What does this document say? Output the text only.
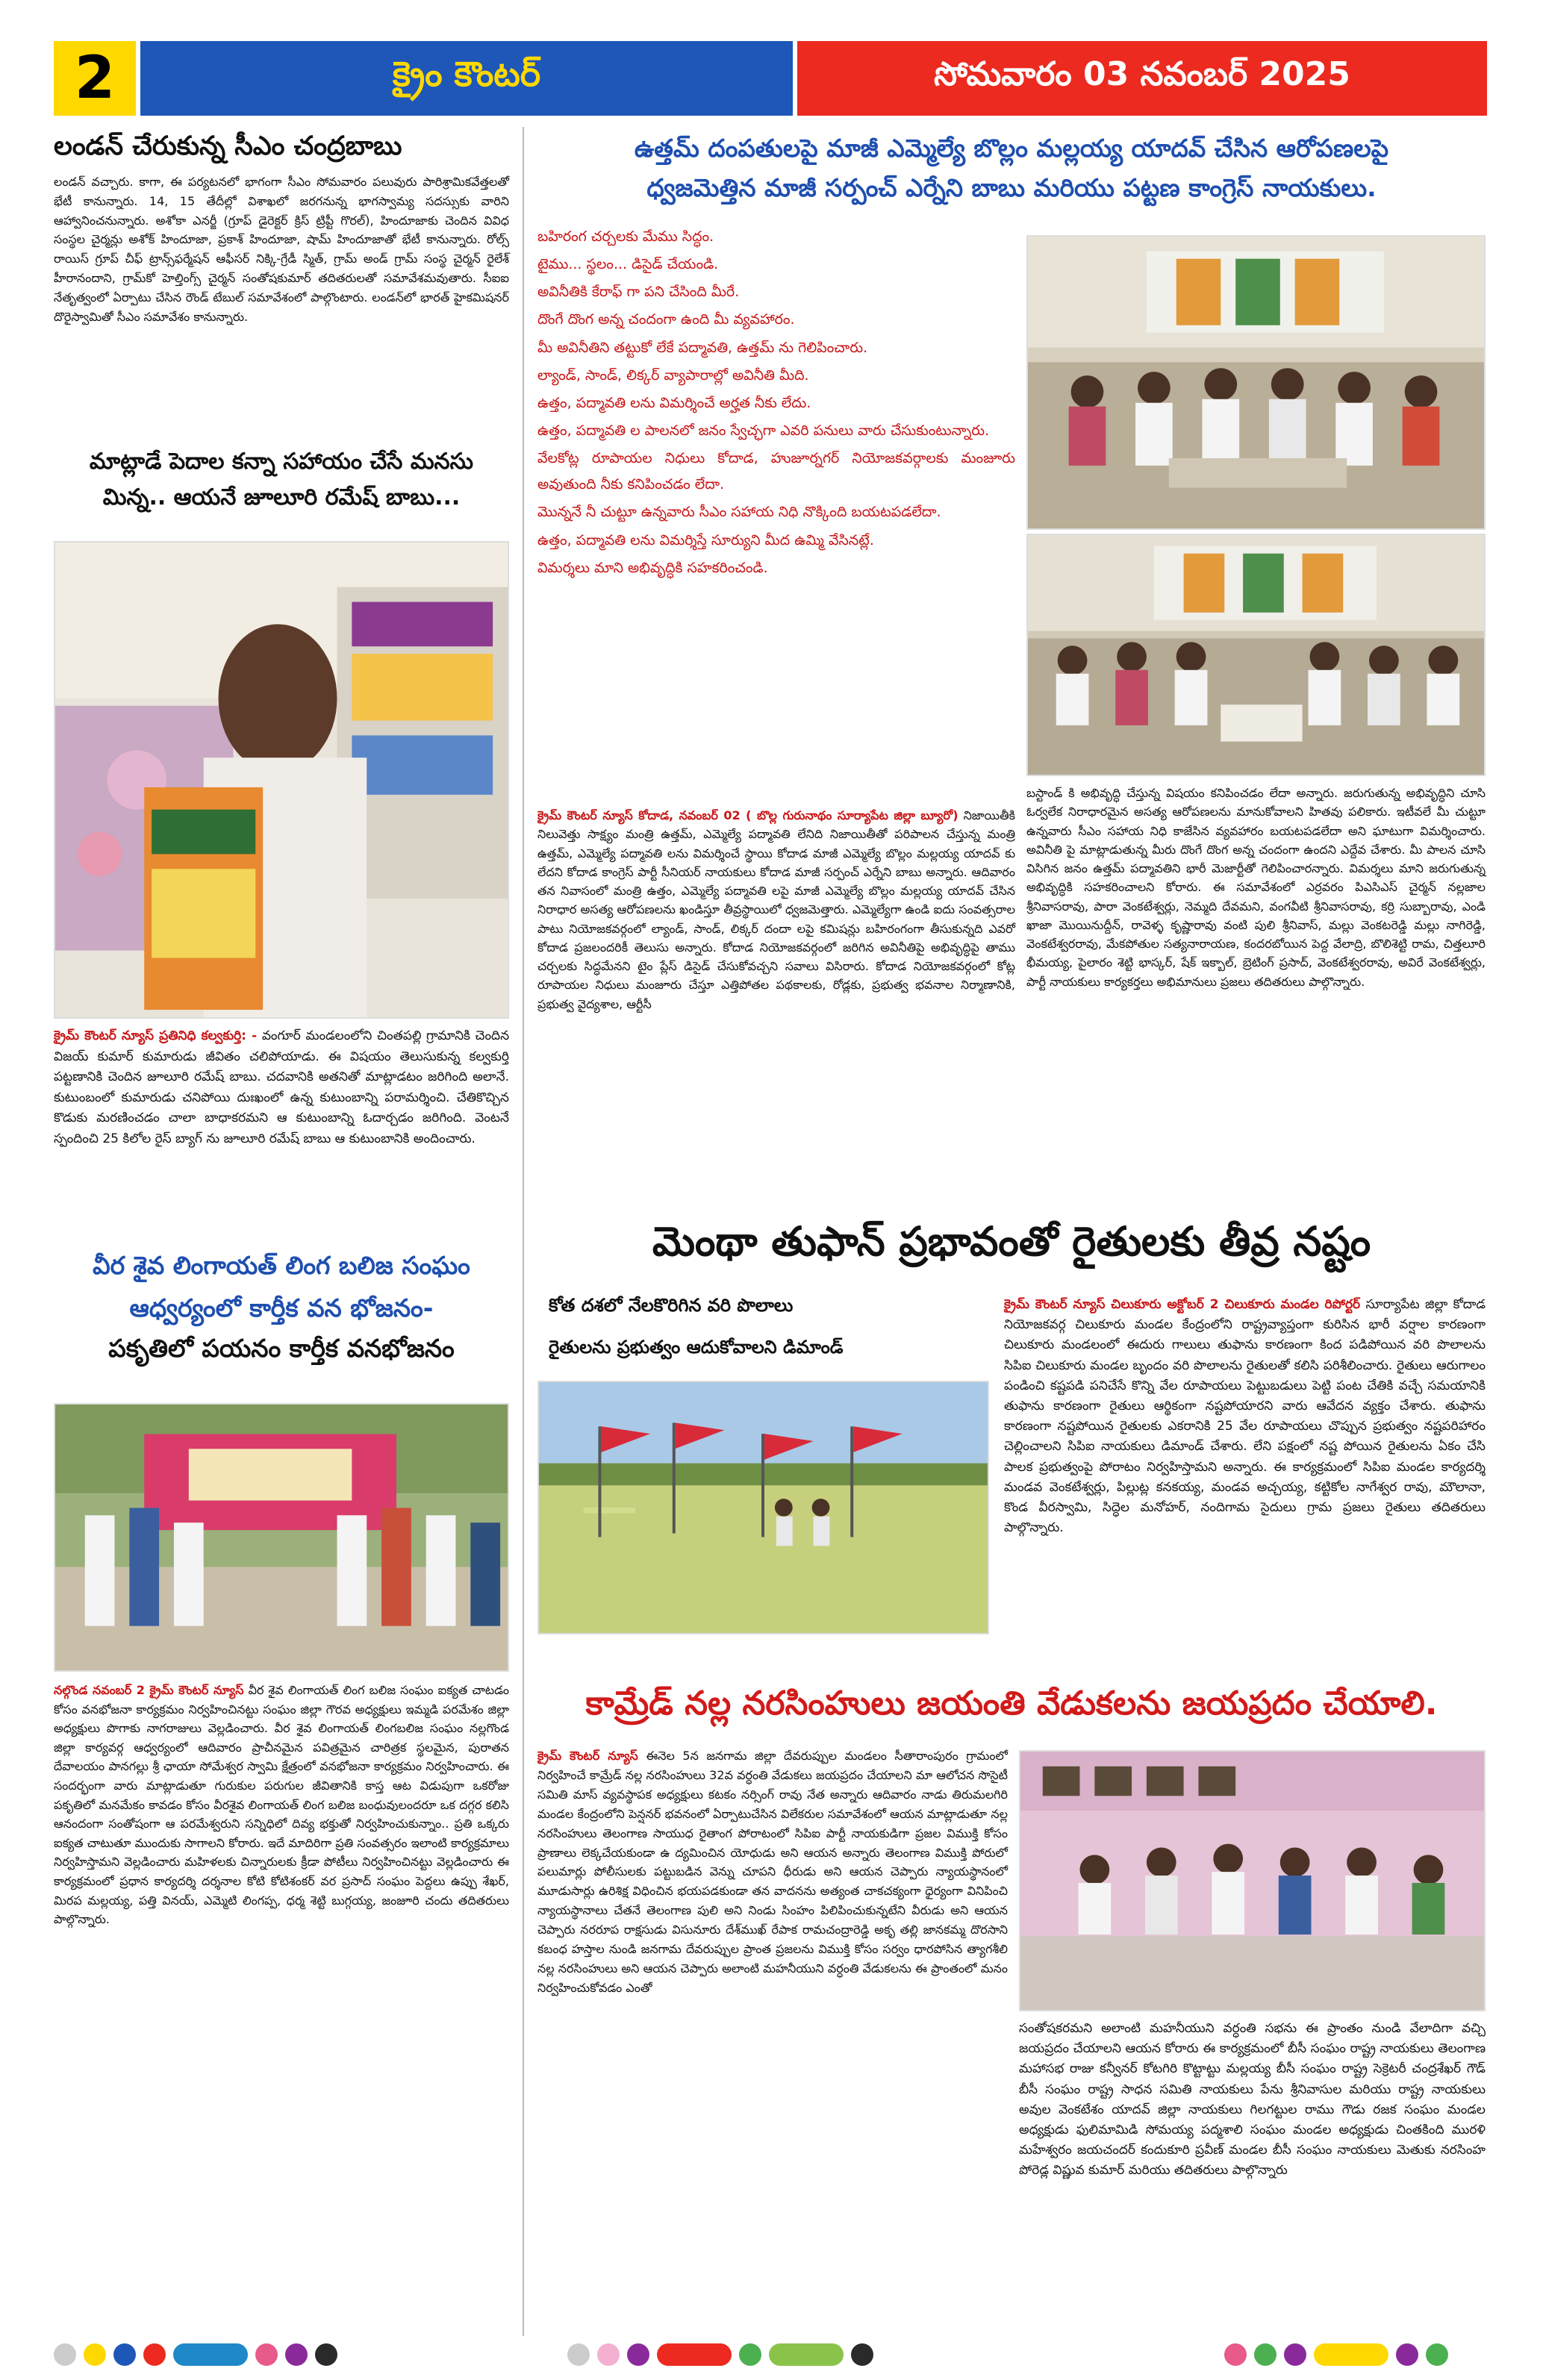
2	క్రైం కౌంటర్	సోమవారం 03 నవంబర్ 2025
లండన్ చేరుకున్న సీఎం చంద్రబాబు
లండన్ వచ్చారు. కాగా, ఈ పర్యటనలో భాగంగా సీఎం సోమవారం పలువురు పారిశ్రామికవేత్తలతో భేటీ కానున్నారు. 14, 15 తేదీల్లో విశాఖలో జరగనున్న భాగస్వామ్య సదస్సుకు వారిని ఆహ్వానించనున్నారు. అశోకా ఎనర్జీ (గ్రూప్ డైరెక్టర్ క్రిస్ ట్రిప్టీ గొరల్), హిందూజాకు చెందిన వివిధ సంస్థల చైర్మన్లు అశోక్ హిందూజా, ప్రకాశ్ హిందూజా, షామ్ హిందూజాతో భేటీ కానున్నారు. రోల్స్ రాయిస్ గ్రూప్ చీఫ్ ట్రాన్స్‌ఫర్మేషన్ ఆఫీసర్ నిక్కి-గ్రేడీ స్మిత్, గ్రామ్ అండ్ గ్రామ్ సంస్థ చైర్మన్ రైలేశ్ హీరానందాని, గ్రామ్‌కో హెల్తింగ్స్ చైర్మన్ సంతోషకుమార్ తదితరులతో సమావేశమవుతారు. సీఐఐ నేతృత్వంలో ఏర్పాటు చేసిన రౌండ్ టేబుల్ సమావేశంలో పాల్గొంటారు. లండన్‌లో భారత్ హైకమిషనర్ దొరైస్వామితో సీఎం సమావేశం కానున్నారు.
మాట్లాడే పెదాల కన్నా సహాయం చేసే మనసు
మిన్న.. ఆయనే జూలూరి రమేష్ బాబు...
క్రైమ్ కౌంటర్ న్యూస్ ప్రతినిధి కల్వకుర్తి: - వంగూర్ మండలంలోని చింతపల్లి గ్రామానికి చెందిన విజయ్ కుమార్ కుమారుడు జీవితం చలిపోయాడు. ఈ విషయం తెలుసుకున్న కల్వకుర్తి పట్టణానికి చెందిన జూలూరి రమేష్ బాబు. చదవానికి అతనితో మాట్లాడటం జరిగింది అలానే. కుటుంబంలో కుమారుడు చనిపోయి దుఃఖంలో ఉన్న కుటుంబాన్ని పరామర్శించి. చేతికొచ్చిన కొడుకు మరణించడం చాలా బాధాకరమని ఆ కుటుంబాన్ని ఓదార్చడం జరిగింది. వెంటనే స్పందించి 25 కిలోల రైస్ బ్యాగ్ ను జూలూరి రమేష్ బాబు ఆ కుటుంబానికి అందించారు.
వీర శైవ లింగాయత్ లింగ బలిజ సంఘం
ఆధ్వర్యంలో కార్తీక వన భోజనం-
పకృతిలో పయనం కార్తీక వనభోజనం
నల్గొండ నవంబర్ 2 క్రైమ్ కౌంటర్ న్యూస్ వీర శైవ లింగాయత్ లింగ బలిజ సంఘం ఐక్యత చాటడం కోసం వనభోజనా కార్యక్రమం నిర్వహించినట్టు సంఘం జిల్లా గౌరవ అధ్యక్షులు ఇమ్మడి పరమేశం జిల్లా అధ్యక్షులు పొగాకు నాగరాజులు వెల్లడించారు. వీర శైవ లింగాయత్ లింగబలిజ సంఘం నల్లగొండ జిల్లా కార్యవర్గ ఆధ్వర్యంలో ఆదివారం ప్రాచీనమైన పవిత్రమైన చారిత్రక స్థలమైన, పురాతన దేవాలయం పానగల్లు శ్రీ ఛాయా సోమేశ్వర స్వామి క్షేత్రంలో వనభోజనా కార్యక్రమం నిర్వహించారు. ఈ సందర్భంగా వారు మాట్లాడుతూ గురుకుల పరుగుల జీవితానికి కాస్త ఆట విడుపుగా ఒకరోజు పకృతిలో మనమేకం కావడం కోసం వీరశైవ లింగాయత్ లింగ బలిజ బంధువులందరూ ఒక దగ్గర కలిసి ఆనందంగా సంతోషంగా ఆ పరమేశ్వరుని సన్నిధిలో దివ్య భక్తుతో నిర్వహించుకున్నాం.. ప్రతి ఒక్కరు ఐక్యత చాటుతూ ముందుకు సాగాలని కోరారు. ఇదే మాదిరిగా ప్రతి సంవత్సరం ఇలాంటి కార్యక్రమాలు నిర్వహిస్తామని వెల్లడించారు మహిళలకు చిన్నారులకు క్రీడా పోటీలు నిర్వహించినట్టు వెల్లడించారు ఈ కార్యక్రమంలో ప్రధాన కార్యదర్శి దర్శనాల కోటి కోటిశంకర్ వర ప్రసాద్ సంఘం పెద్దలు ఉప్పు శేఖర్, మిరప మల్లయ్య, పత్తి వినయ్, ఎమ్మెటి లింగప్ప, ధర్మ శెట్టి బుగ్గయ్య, జంజూరి చందు తదితరులు పాల్గొన్నారు.
ఉత్తమ్ దంపతులపై మాజీ ఎమ్మెల్యే బొల్లం మల్లయ్య యాదవ్ చేసిన ఆరోపణలపై
ధ్వజమెత్తిన మాజీ సర్పంచ్ ఎర్నేని బాబు మరియు పట్టణ కాంగ్రెస్ నాయకులు.

బహిరంగ చర్చలకు మేము సిద్ధం.

టైము... స్థలం... డిసైడ్ చేయండి.

అవినీతికి కేరాఫ్ గా పని చేసింది మీరే.

దొంగే దొంగ అన్న చందంగా ఉంది మీ వ్యవహారం.

మీ అవినీతిని తట్టుకో లేకే పద్మావతి, ఉత్తమ్ ను గెలిపించారు.

ల్యాండ్, సాండ్, లిక్కర్ వ్యాపారాల్లో అవినీతి మీది.

ఉత్తం, పద్మావతి లను విమర్శించే అర్హత నీకు లేదు.

ఉత్తం, పద్మావతి ల పాలనలో జనం స్వేచ్ఛగా ఎవరి పనులు వారు చేసుకుంటున్నారు.

వేలకోట్ల రూపాయల నిధులు కోదాడ, హుజూర్నగర్ నియోజకవర్గాలకు మంజూరు అవుతుంది నీకు కనిపించడం లేదా.

మొన్ననే నీ చుట్టూ ఉన్నవారు సీఎం సహాయ నిధి నొక్కింది బయటపడలేదా.

ఉత్తం, పద్మావతి లను విమర్శిస్తే సూర్యుని మీద ఉమ్మి వేసినట్లే.

విమర్శలు మాని అభివృద్ధికి సహకరించండి.

క్రైమ్ కౌంటర్ న్యూస్ కోదాడ, నవంబర్ 02 ( బొల్ల గురునాథం సూర్యాపేట జిల్లా బ్యూరో) నిజాయితీకి నిలువెత్తు సాక్ష్యం మంత్రి ఉత్తమ్, ఎమ్మెల్యే పద్మావతి లేనిది నిజాయితీతో పరిపాలన చేస్తున్న మంత్రి ఉత్తమ్, ఎమ్మెల్యే పద్మావతి లను విమర్శించే స్థాయి కోదాడ మాజీ ఎమ్మెల్యే బొల్లం మల్లయ్య యాదవ్ కు లేదని కోదాడ కాంగ్రెస్ పార్టీ సీనియర్ నాయకులు కోదాడ మాజీ సర్పంచ్ ఎర్నేని బాబు అన్నారు. ఆదివారం తన నివాసంలో మంత్రి ఉత్తం, ఎమ్మెల్యే పద్మావతి లపై మాజీ ఎమ్మెల్యే బొల్లం మల్లయ్య యాదవ్ చేసిన నిరాధార అసత్య ఆరోపణలను ఖండిస్తూ తీవ్రస్థాయిలో ధ్వజమెత్తారు. ఎమ్మెల్యేగా ఉండి ఐదు సంవత్సరాల పాటు నియోజకవర్గంలో ల్యాండ్, సాండ్, లిక్కర్ దందా లపై కమిషన్లు బహిరంగంగా తీసుకున్నది ఎవరో కోదాడ ప్రజలందరికీ తెలుసు అన్నారు. కోదాడ నియోజకవర్గంలో జరిగిన అవినీతిపై అభివృద్ధిపై తాము చర్చలకు సిద్ధమేనని టైం ప్లేస్ డిసైడ్ చేసుకోవచ్చని సవాలు విసిరారు. కోదాడ నియోజకవర్గంలో కోట్ల రూపాయల నిధులు మంజూరు చేస్తూ ఎత్తిపోతల పథకాలకు, రోడ్లకు, ప్రభుత్వ భవనాల నిర్మాణానికి, ప్రభుత్వ వైద్యశాల, ఆర్టీసీ
బస్టాండ్ కి అభివృద్ధి చేస్తున్న విషయం కనిపించడం లేదా అన్నారు. జరుగుతున్న అభివృద్ధిని చూసి ఓర్వలేక నిరాధారమైన అసత్య ఆరోపణలను మానుకోవాలని హితవు పలికారు. ఇటీవలే మీ చుట్టూ ఉన్నవారు సీఎం సహాయ నిధి కాజేసిన వ్యవహారం బయటపడలేదా అని ఘాటుగా విమర్శించారు. అవినీతి పై మాట్లాడుతున్న మీరు దొంగే దొంగ అన్న చందంగా ఉందని ఎద్దేవ చేశారు. మీ పాలన చూసి విసిగిన జనం ఉత్తమ్ పద్మావతిని భారీ మెజార్టీతో గెలిపించారన్నారు. విమర్శలు మాని జరుగుతున్న అభివృద్ధికి సహకరించాలని కోరారు. ఈ సమావేశంలో ఎర్రవరం పిఎసిఎస్ చైర్మన్ నల్లజాల శ్రీనివాసరావు, పారా వెంకటేశ్వర్లు, నెమ్మది దేవమని, వంగవీటి శ్రీనివాసరావు, కర్రి సుబ్బారావు, ఎండి ఖాజా మొయినుద్దీన్, రావెళ్ళ కృష్ణారావు వంటి పులి శ్రీనివాస్, మల్లు వెంకటరెడ్డి మల్లు నాగిరెడ్డి, వెంకటేశ్వరరావు, మేకపోతుల సత్యనారాయణ, కందరబోయిన పెద్ద వేలాద్రి, బొలిశెట్టి రామ, చిత్తలూరి భీమయ్య, పైలారం శెట్టి భాస్కర్, షేక్ ఇక్బాల్, బ్రెటింగ్ ప్రసాద్, వెంకటేశ్వరరావు, అవిరే వెంకటేశ్వర్లు, పార్టీ నాయకులు కార్యకర్తలు అభిమానులు ప్రజలు తదితరులు పాల్గొన్నారు.
మెంథా తుఫాన్ ప్రభావంతో రైతులకు తీవ్ర నష్టం
కోత దశలో నేలకొరిగిన వరి పొలాలు
రైతులను ప్రభుత్వం ఆదుకోవాలని డిమాండ్
క్రైమ్ కౌంటర్ న్యూస్ చిలుకూరు అక్టోబర్ 2 చిలుకూరు మండల రిపోర్టర్ సూర్యాపేట జిల్లా కోదాడ నియోజకవర్గ చిలుకూరు మండల కేంద్రంలోని రాష్ట్రవ్యాప్తంగా కురిసిన భారీ వర్షాల కారణంగా చిలుకూరు మండలంలో ఈదురు గాలులు తుఫాను కారణంగా కింద పడిపోయిన వరి పొలాలను సిపిఐ చిలుకూరు మండల బృందం వరి పొలాలను రైతులతో కలిసి పరిశీలించారు. రైతులు ఆరుగాలం పండించి కష్టపడి పనిచేసే కొన్ని వేల రూపాయలు పెట్టుబడులు పెట్టి పంట చేతికి వచ్చే సమయానికి తుఫాను కారణంగా రైతులు ఆర్థికంగా నష్టపోయారని వారు ఆవేదన వ్యక్తం చేశారు. తుఫాను కారణంగా నష్టపోయిన రైతులకు ఎకరానికి 25 వేల రూపాయలు చొప్పున ప్రభుత్వం నష్టపరిహారం చెల్లించాలని సిపిఐ నాయకులు డిమాండ్ చేశారు. లేని పక్షంలో నష్ట పోయిన రైతులను ఏకం చేసి పాలక ప్రభుత్వంపై పోరాటం నిర్వహిస్తామని అన్నారు. ఈ కార్యక్రమంలో సిపిఐ మండల కార్యదర్శి మండవ వెంకటేశ్వర్లు, పిల్లుట్ల కనకయ్య, మండవ అచ్చయ్య, కట్టికోల నాగేశ్వర రావు, మౌలానా, కొండ వీరస్వామి, సిద్ధెల మనోహర్, నందిగామ సైదులు గ్రామ ప్రజలు రైతులు తదితరులు పాల్గొన్నారు.
కామ్రేడ్ నల్ల నరసింహులు జయంతి వేడుకలను జయప్రదం చేయాలి.
క్రైమ్ కౌంటర్ న్యూస్ ఈనెల 5న జనగామ జిల్లా దేవరుప్పుల మండలం సీతారాంపురం గ్రామంలో నిర్వహించే కామ్రేడ్ నల్ల నరసింహులు 32వ వర్ధంతి వేడుకలు జయప్రదం చేయాలని మా ఆలోచన సొసైటీ సమితి మాస్ వ్యవస్థాపక అధ్యక్షులు కటకం నర్సింగ్ రావు నేత అన్నారు ఆదివారం నాడు తిరుమలగిరి మండల కేంద్రంలోని పెన్షనర్ భవనంలో ఏర్పాటుచేసిన విలేకరుల సమావేశంలో ఆయన మాట్లాడుతూ నల్ల నరసింహులు తెలంగాణ సాయుధ రైతాంగ పోరాటంలో సిపిఐ పార్టీ నాయకుడిగా ప్రజల విముక్తి కోసం ప్రాణాలు లెక్కచేయకుండా ఉ ద్యమించిన యోధుడు అని ఆయన అన్నారు తెలంగాణ విముక్తి పోరులో పలుమార్లు పోలీసులకు పట్టుబడిన వెన్ను చూపని ధీరుడు అని ఆయన చెప్పారు న్యాయస్థానంలో మూడుసార్లు ఉరిశిక్ష విధించిన భయపడకుండా తన వాదనను అత్యంత చాకచక్యంగా ధైర్యంగా వినిపించి న్యాయస్థానాలు చేతనే తెలంగాణ పులి అని నిండు సింహం పిలిపించుకున్నటేని వీరుడు అని ఆయన చెప్పారు నరరూప రాక్షసుడు విసునూరు దేశ్‌ముఖ్ రేపాక రామచంద్రారెడ్డి అకృ తల్లి జానకమ్మ దొరసాని కబంధ హస్తాల నుండి జనగామ దేవరుప్పుల ప్రాంత ప్రజలను విముక్తి కోసం సర్వం ధారపోసిన త్యాగశీలి నల్ల నరసింహులు అని ఆయన చెప్పారు అలాంటి మహనీయుని వర్ధంతి వేడుకలను ఈ ప్రాంతంలో మనం నిర్వహించుకోవడం ఎంతో
సంతోషకరమని అలాంటి మహనీయుని వర్ధంతి సభను ఈ ప్రాంతం నుండి వేలాదిగా వచ్చి జయప్రదం చేయాలని ఆయన కోరారు ఈ కార్యక్రమంలో బీసీ సంఘం రాష్ట్ర నాయకులు తెలంగాణ మహాసభ రాజు కన్వీనర్ కోటగిరి కొట్టాట్టు మల్లయ్య బీసీ సంఘం రాష్ట్ర సెక్రెటరీ చంద్రశేఖర్ గౌడ్ బీసీ సంఘం రాష్ట్ర సాధన సమితి నాయకులు పేను శ్రీనివాసుల మరియు రాష్ట్ర నాయకులు అవుల వెంకటేశం యాదవ్ జిల్లా నాయకులు గిలగట్టుల రాము గౌడు రజక సంఘం మండల అధ్యక్షుడు ఫులిమామిడి సోమయ్య పద్మశాలి సంఘం మండల అధ్యక్షుడు చింతకింది మురళి మహేశ్వరం జయచందర్ కందుకూరి ప్రవీణ్ మండల బీసీ సంఘం నాయకులు మెతుకు నరసింహ పోరెడ్ల విష్ణువ కుమార్ మరియు తదితరులు పాల్గొన్నారు
